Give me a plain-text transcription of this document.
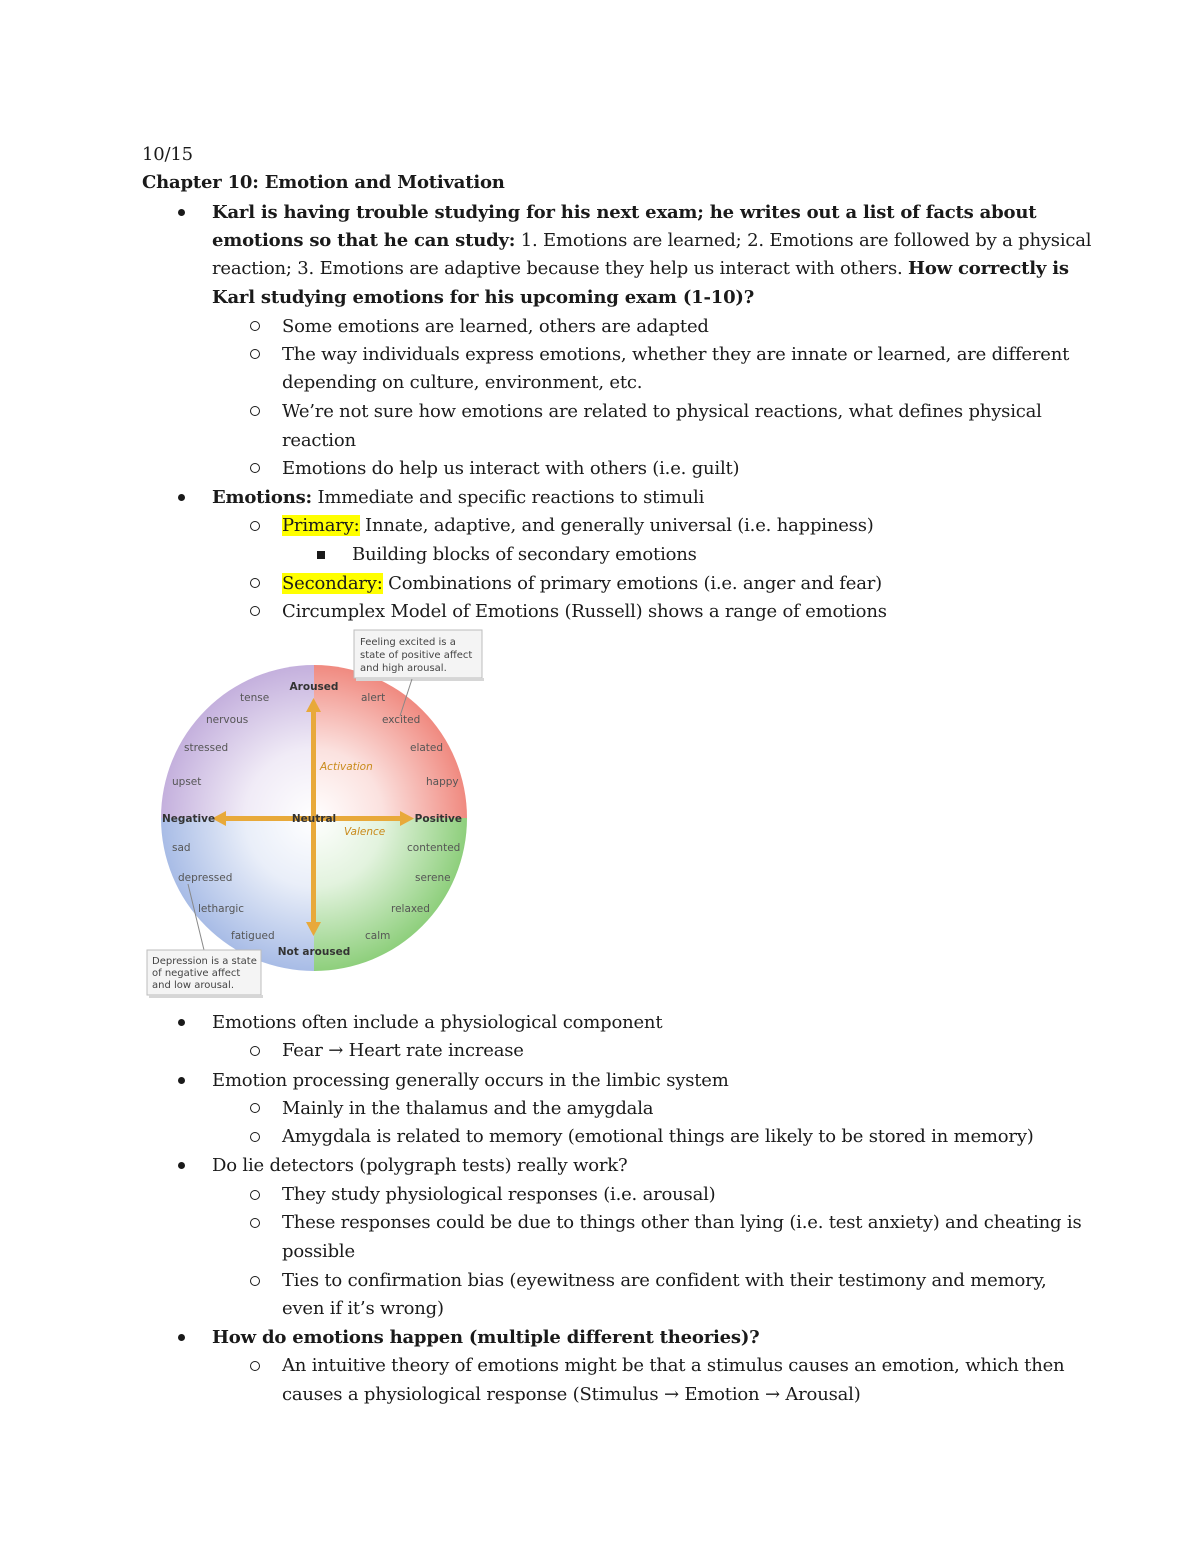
10/15
Chapter 10: Emotion and Motivation
Karl is having trouble studying for his next exam; he writes out a list of facts about
emotions so that he can study: 1. Emotions are learned; 2. Emotions are followed by a physical
reaction; 3. Emotions are adaptive because they help us interact with others. How correctly is
Karl studying emotions for his upcoming exam (1-10)?
Some emotions are learned, others are adapted
The way individuals express emotions, whether they are innate or learned, are different
depending on culture, environment, etc.
We’re not sure how emotions are related to physical reactions, what defines physical
reaction
Emotions do help us interact with others (i.e. guilt)
Emotions: Immediate and specific reactions to stimuli
Primary: Innate, adaptive, and generally universal (i.e. happiness)
Building blocks of secondary emotions
Secondary: Combinations of primary emotions (i.e. anger and fear)
Circumplex Model of Emotions (Russell) shows a range of emotions
Aroused
Not aroused
Negative	Positive
Neutral
Activation
Valence
tense
nervous
stressed
upset
alert
excited
elated
happy
sad
depressed
lethargic
fatigued
contented
serene
relaxed
calm
Feeling excited is a
state of positive affect
and high arousal.
Depression is a state
of negative affect
and low arousal.
Emotions often include a physiological component
Fear → Heart rate increase
Emotion processing generally occurs in the limbic system
Mainly in the thalamus and the amygdala
Amygdala is related to memory (emotional things are likely to be stored in memory)
Do lie detectors (polygraph tests) really work?
They study physiological responses (i.e. arousal)
These responses could be due to things other than lying (i.e. test anxiety) and cheating is
possible
Ties to confirmation bias (eyewitness are confident with their testimony and memory,
even if it’s wrong)
How do emotions happen (multiple different theories)?
An intuitive theory of emotions might be that a stimulus causes an emotion, which then
causes a physiological response (Stimulus → Emotion → Arousal)
